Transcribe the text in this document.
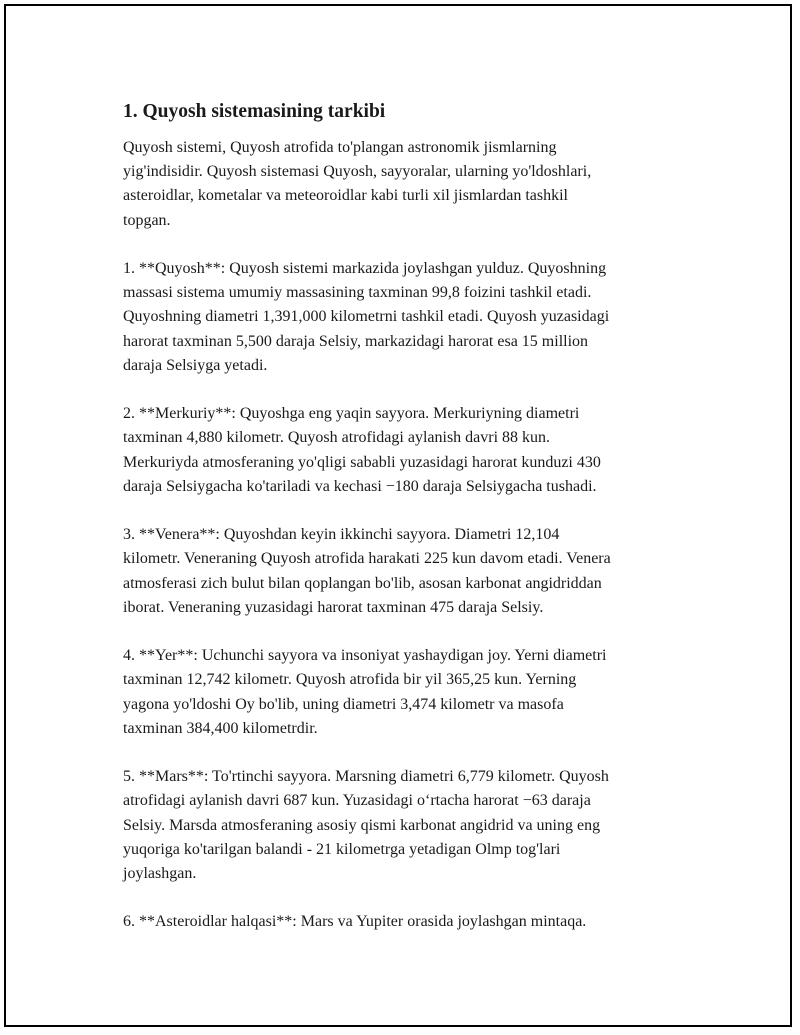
1. Quyosh sistemasining tarkibi
Quyosh sistemi, Quyosh atrofida to'plangan astronomik jismlarning
yig'indisidir. Quyosh sistemasi Quyosh, sayyoralar, ularning yo'ldoshlari,
asteroidlar, kometalar va meteoroidlar kabi turli xil jismlardan tashkil
topgan.
1. **Quyosh**: Quyosh sistemi markazida joylashgan yulduz. Quyoshning
massasi sistema umumiy massasining taxminan 99,8 foizini tashkil etadi.
Quyoshning diametri 1,391,000 kilometrni tashkil etadi. Quyosh yuzasidagi
harorat taxminan 5,500 daraja Selsiy, markazidagi harorat esa 15 million
daraja Selsiyga yetadi.
2. **Merkuriy**: Quyoshga eng yaqin sayyora. Merkuriyning diametri
taxminan 4,880 kilometr. Quyosh atrofidagi aylanish davri 88 kun.
Merkuriyda atmosferaning yo'qligi sababli yuzasidagi harorat kunduzi 430
daraja Selsiygacha ko'tariladi va kechasi −180 daraja Selsiygacha tushadi.
3. **Venera**: Quyoshdan keyin ikkinchi sayyora. Diametri 12,104
kilometr. Veneraning Quyosh atrofida harakati 225 kun davom etadi. Venera
atmosferasi zich bulut bilan qoplangan bo'lib, asosan karbonat angidriddan
iborat. Veneraning yuzasidagi harorat taxminan 475 daraja Selsiy.
4. **Yer**: Uchunchi sayyora va insoniyat yashaydigan joy. Yerni diametri
taxminan 12,742 kilometr. Quyosh atrofida bir yil 365,25 kun. Yerning
yagona yo'ldoshi Oy bo'lib, uning diametri 3,474 kilometr va masofa
taxminan 384,400 kilometrdir.
5. **Mars**: To'rtinchi sayyora. Marsning diametri 6,779 kilometr. Quyosh
atrofidagi aylanish davri 687 kun. Yuzasidagi o‘rtacha harorat −63 daraja
Selsiy. Marsda atmosferaning asosiy qismi karbonat angidrid va uning eng
yuqoriga ko'tarilgan balandi - 21 kilometrga yetadigan Olmp tog'lari
joylashgan.
6. **Asteroidlar halqasi**: Mars va Yupiter orasida joylashgan mintaqa.
